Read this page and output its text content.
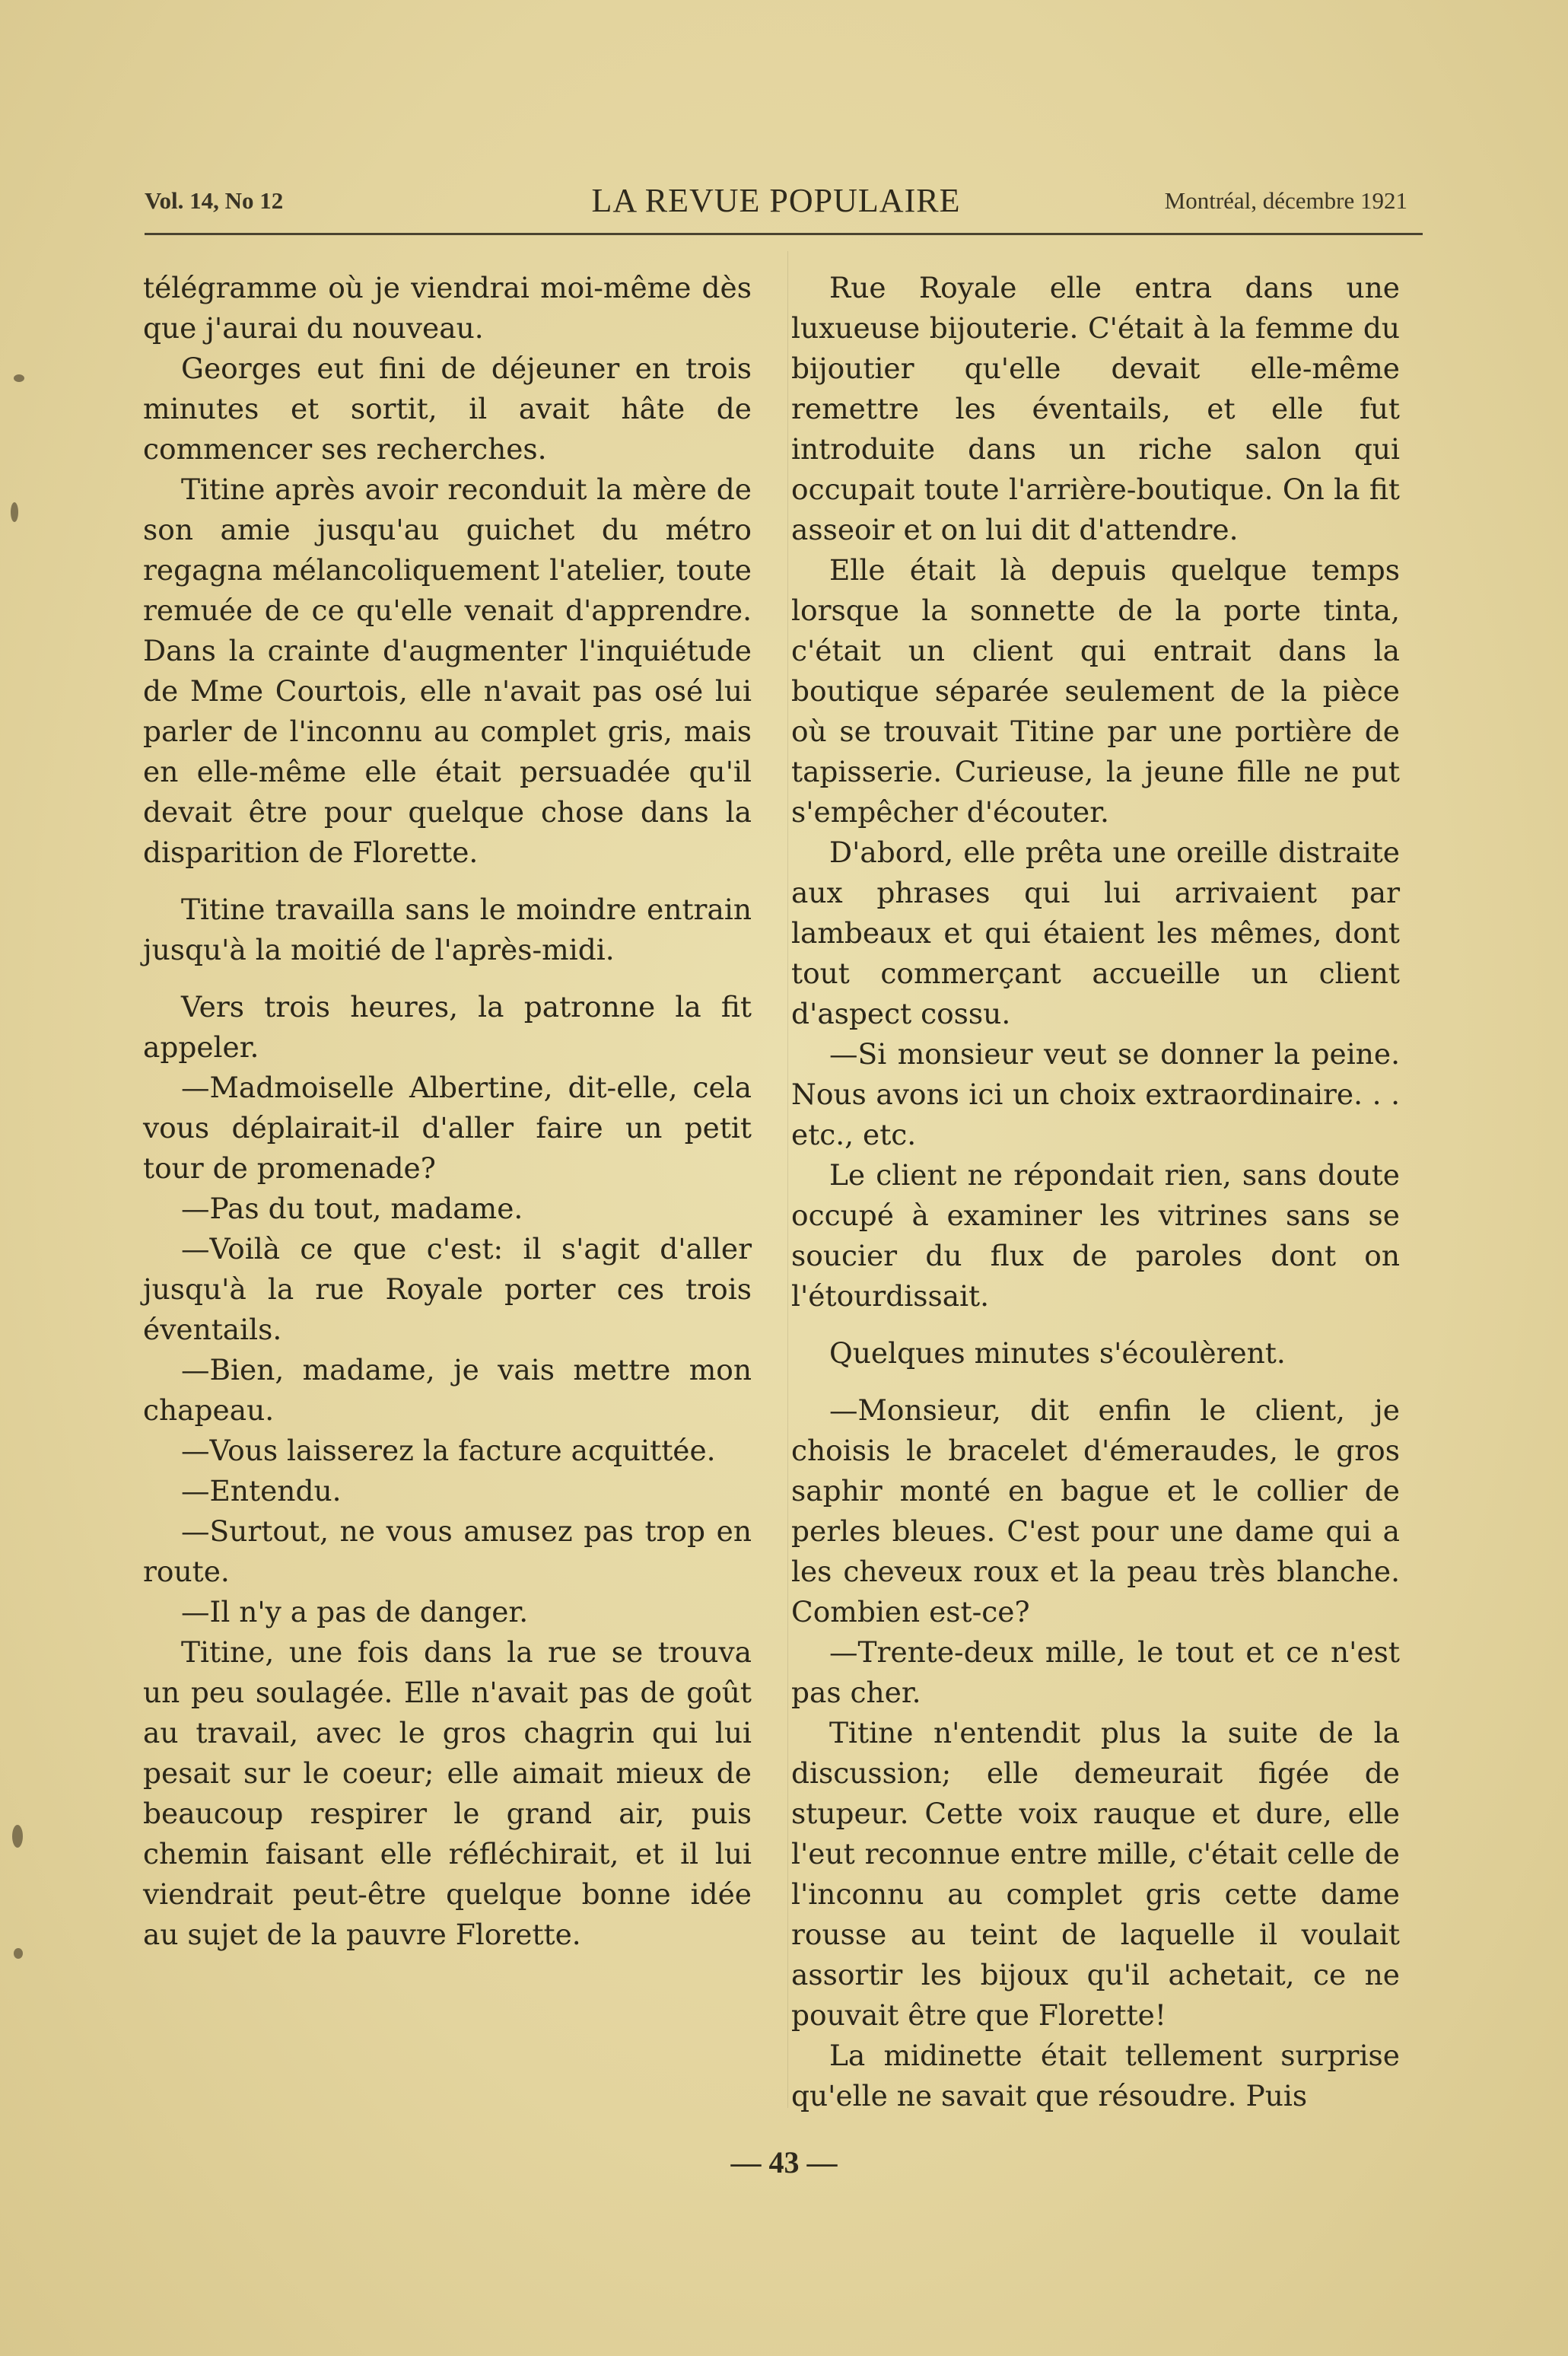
Vol. 14, No 12	LA REVUE POPULAIRE	Montréal, décembre 1921

télégramme où je viendrai moi-même dès que j'aurai du nouveau.

Georges eut fini de déjeuner en trois minutes et sortit, il avait hâte de commencer ses recherches.

Titine après avoir reconduit la mère de son amie jusqu'au guichet du métro regagna mélancoliquement l'atelier, toute remuée de ce qu'elle venait d'apprendre. Dans la crainte d'augmenter l'inquiétude de Mme Courtois, elle n'avait pas osé lui parler de l'inconnu au complet gris, mais en elle-même elle était persuadée qu'il devait être pour quelque chose dans la disparition de Florette.

Titine travailla sans le moindre entrain jusqu'à la moitié de l'après-midi.

Vers trois heures, la patronne la fit appeler.

—Madmoiselle Albertine, dit-elle, cela vous déplairait-il d'aller faire un petit tour de promenade?

—Pas du tout, madame.

—Voilà ce que c'est: il s'agit d'aller jusqu'à la rue Royale porter ces trois éventails.

—Bien, madame, je vais mettre mon chapeau.

—Vous laisserez la facture acquittée.

—Entendu.

—Surtout, ne vous amusez pas trop en route.

—Il n'y a pas de danger.

Titine, une fois dans la rue se trouva un peu soulagée. Elle n'avait pas de goût au travail, avec le gros chagrin qui lui pesait sur le coeur; elle aimait mieux de beaucoup respirer le grand air, puis chemin faisant elle réfléchirait, et il lui viendrait peut-être quelque bonne idée au sujet de la pauvre Florette.

Rue Royale elle entra dans une luxueuse bijouterie. C'était à la femme du bijoutier qu'elle devait elle-même remettre les éventails, et elle fut introduite dans un riche salon qui occupait toute l'arrière-boutique. On la fit asseoir et on lui dit d'attendre.

Elle était là depuis quelque temps lorsque la sonnette de la porte tinta, c'était un client qui entrait dans la boutique séparée seulement de la pièce où se trouvait Titine par une portière de tapisserie. Curieuse, la jeune fille ne put s'empêcher d'écouter.

D'abord, elle prêta une oreille distraite aux phrases qui lui arrivaient par lambeaux et qui étaient les mêmes, dont tout commerçant accueille un client d'aspect cossu.

—Si monsieur veut se donner la peine. Nous avons ici un choix extraordinaire. . . etc., etc.

Le client ne répondait rien, sans doute occupé à examiner les vitrines sans se soucier du flux de paroles dont on l'étourdissait.

Quelques minutes s'écoulèrent.

—Monsieur, dit enfin le client, je choisis le bracelet d'émeraudes, le gros saphir monté en bague et le collier de perles bleues. C'est pour une dame qui a les cheveux roux et la peau très blanche. Combien est-ce?

—Trente-deux mille, le tout et ce n'est pas cher.

Titine n'entendit plus la suite de la discussion; elle demeurait figée de stupeur. Cette voix rauque et dure, elle l'eut reconnue entre mille, c'était celle de l'inconnu au complet gris cette dame rousse au teint de laquelle il voulait assortir les bijoux qu'il achetait, ce ne pouvait être que Florette!

La midinette était tellement surprise qu'elle ne savait que résoudre. Puis

— 43 —
